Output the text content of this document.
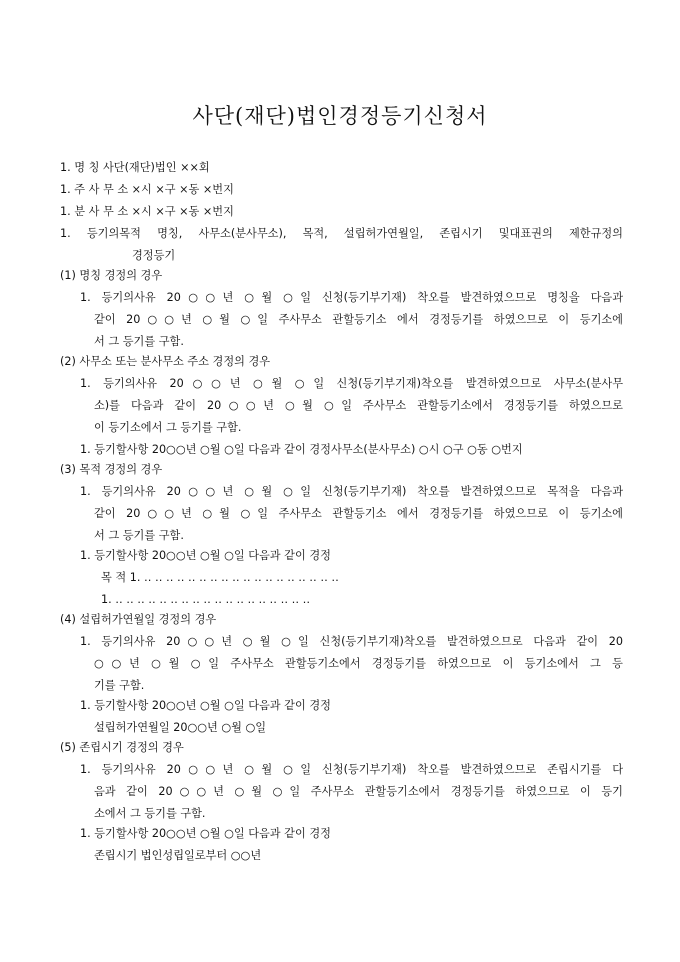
사단(재단)법인경정등기신청서
1. 명 칭 사단(재단)법인 ××회
1. 주 사 무 소 ×시 ×구 ×동 ×번지
1. 분 사 무 소 ×시 ×구 ×동 ×번지
1. 등기의목적 명칭, 사무소(분사무소), 목적, 설립허가연월일, 존립시기 및대표권의 제한규정의
경정등기
(1) 명칭 경정의 경우
1. 등기의사유 20○○년 ○월 ○일 신청(등기부기재) 착오를 발견하였으므로 명칭을 다음과
같이 20○○년 ○월 ○일 주사무소 관할등기소 에서 경정등기를 하였으므로 이 등기소에
서 그 등기를 구함.
(2) 사무소 또는 분사무소 주소 경정의 경우
1. 등기의사유 20○○년 ○월 ○일 신청(등기부기재)착오를 발견하였으므로 사무소(분사무
소)를 다음과 같이 20○○년 ○월 ○일 주사무소 관할등기소에서 경정등기를 하였으므로
이 등기소에서 그 등기를 구함.
1. 등기할사항 20○○년 ○월 ○일 다음과 같이 경정사무소(분사무소) ○시 ○구 ○동 ○번지
(3) 목적 경정의 경우
1. 등기의사유 20○○년 ○월 ○일 신청(등기부기재) 착오를 발견하였으므로 목적을 다음과
같이 20○○년 ○월 ○일 주사무소 관할등기소 에서 경정등기를 하였으므로 이 등기소에
서 그 등기를 구함.
1. 등기할사항 20○○년 ○월 ○일 다음과 같이 경정
목 적 1. ‥ ‥ ‥ ‥ ‥ ‥ ‥ ‥ ‥ ‥ ‥ ‥ ‥ ‥ ‥ ‥ ‥ ‥
1. ‥ ‥ ‥ ‥ ‥ ‥ ‥ ‥ ‥ ‥ ‥ ‥ ‥ ‥ ‥ ‥ ‥ ‥
(4) 설립허가연월일 경정의 경우
1. 등기의사유 20○○년 ○월 ○일 신청(등기부기재)착오를 발견하였으므로 다음과 같이 20
○○년 ○월 ○일 주사무소 관할등기소에서 경정등기를 하였으므로 이 등기소에서 그 등
기를 구함.
1. 등기할사항 20○○년 ○월 ○일 다음과 같이 경정
설립허가연월일 20○○년 ○월 ○일
(5) 존립시기 경정의 경우
1. 등기의사유 20○○년 ○월 ○일 신청(등기부기재) 착오를 발견하였으므로 존립시기를 다
음과 같이 20○○년 ○월 ○일 주사무소 관할등기소에서 경정등기를 하였으므로 이 등기
소에서 그 등기를 구함.
1. 등기할사항 20○○년 ○월 ○일 다음과 같이 경정
존립시기 법인성립일로부터 ○○년
